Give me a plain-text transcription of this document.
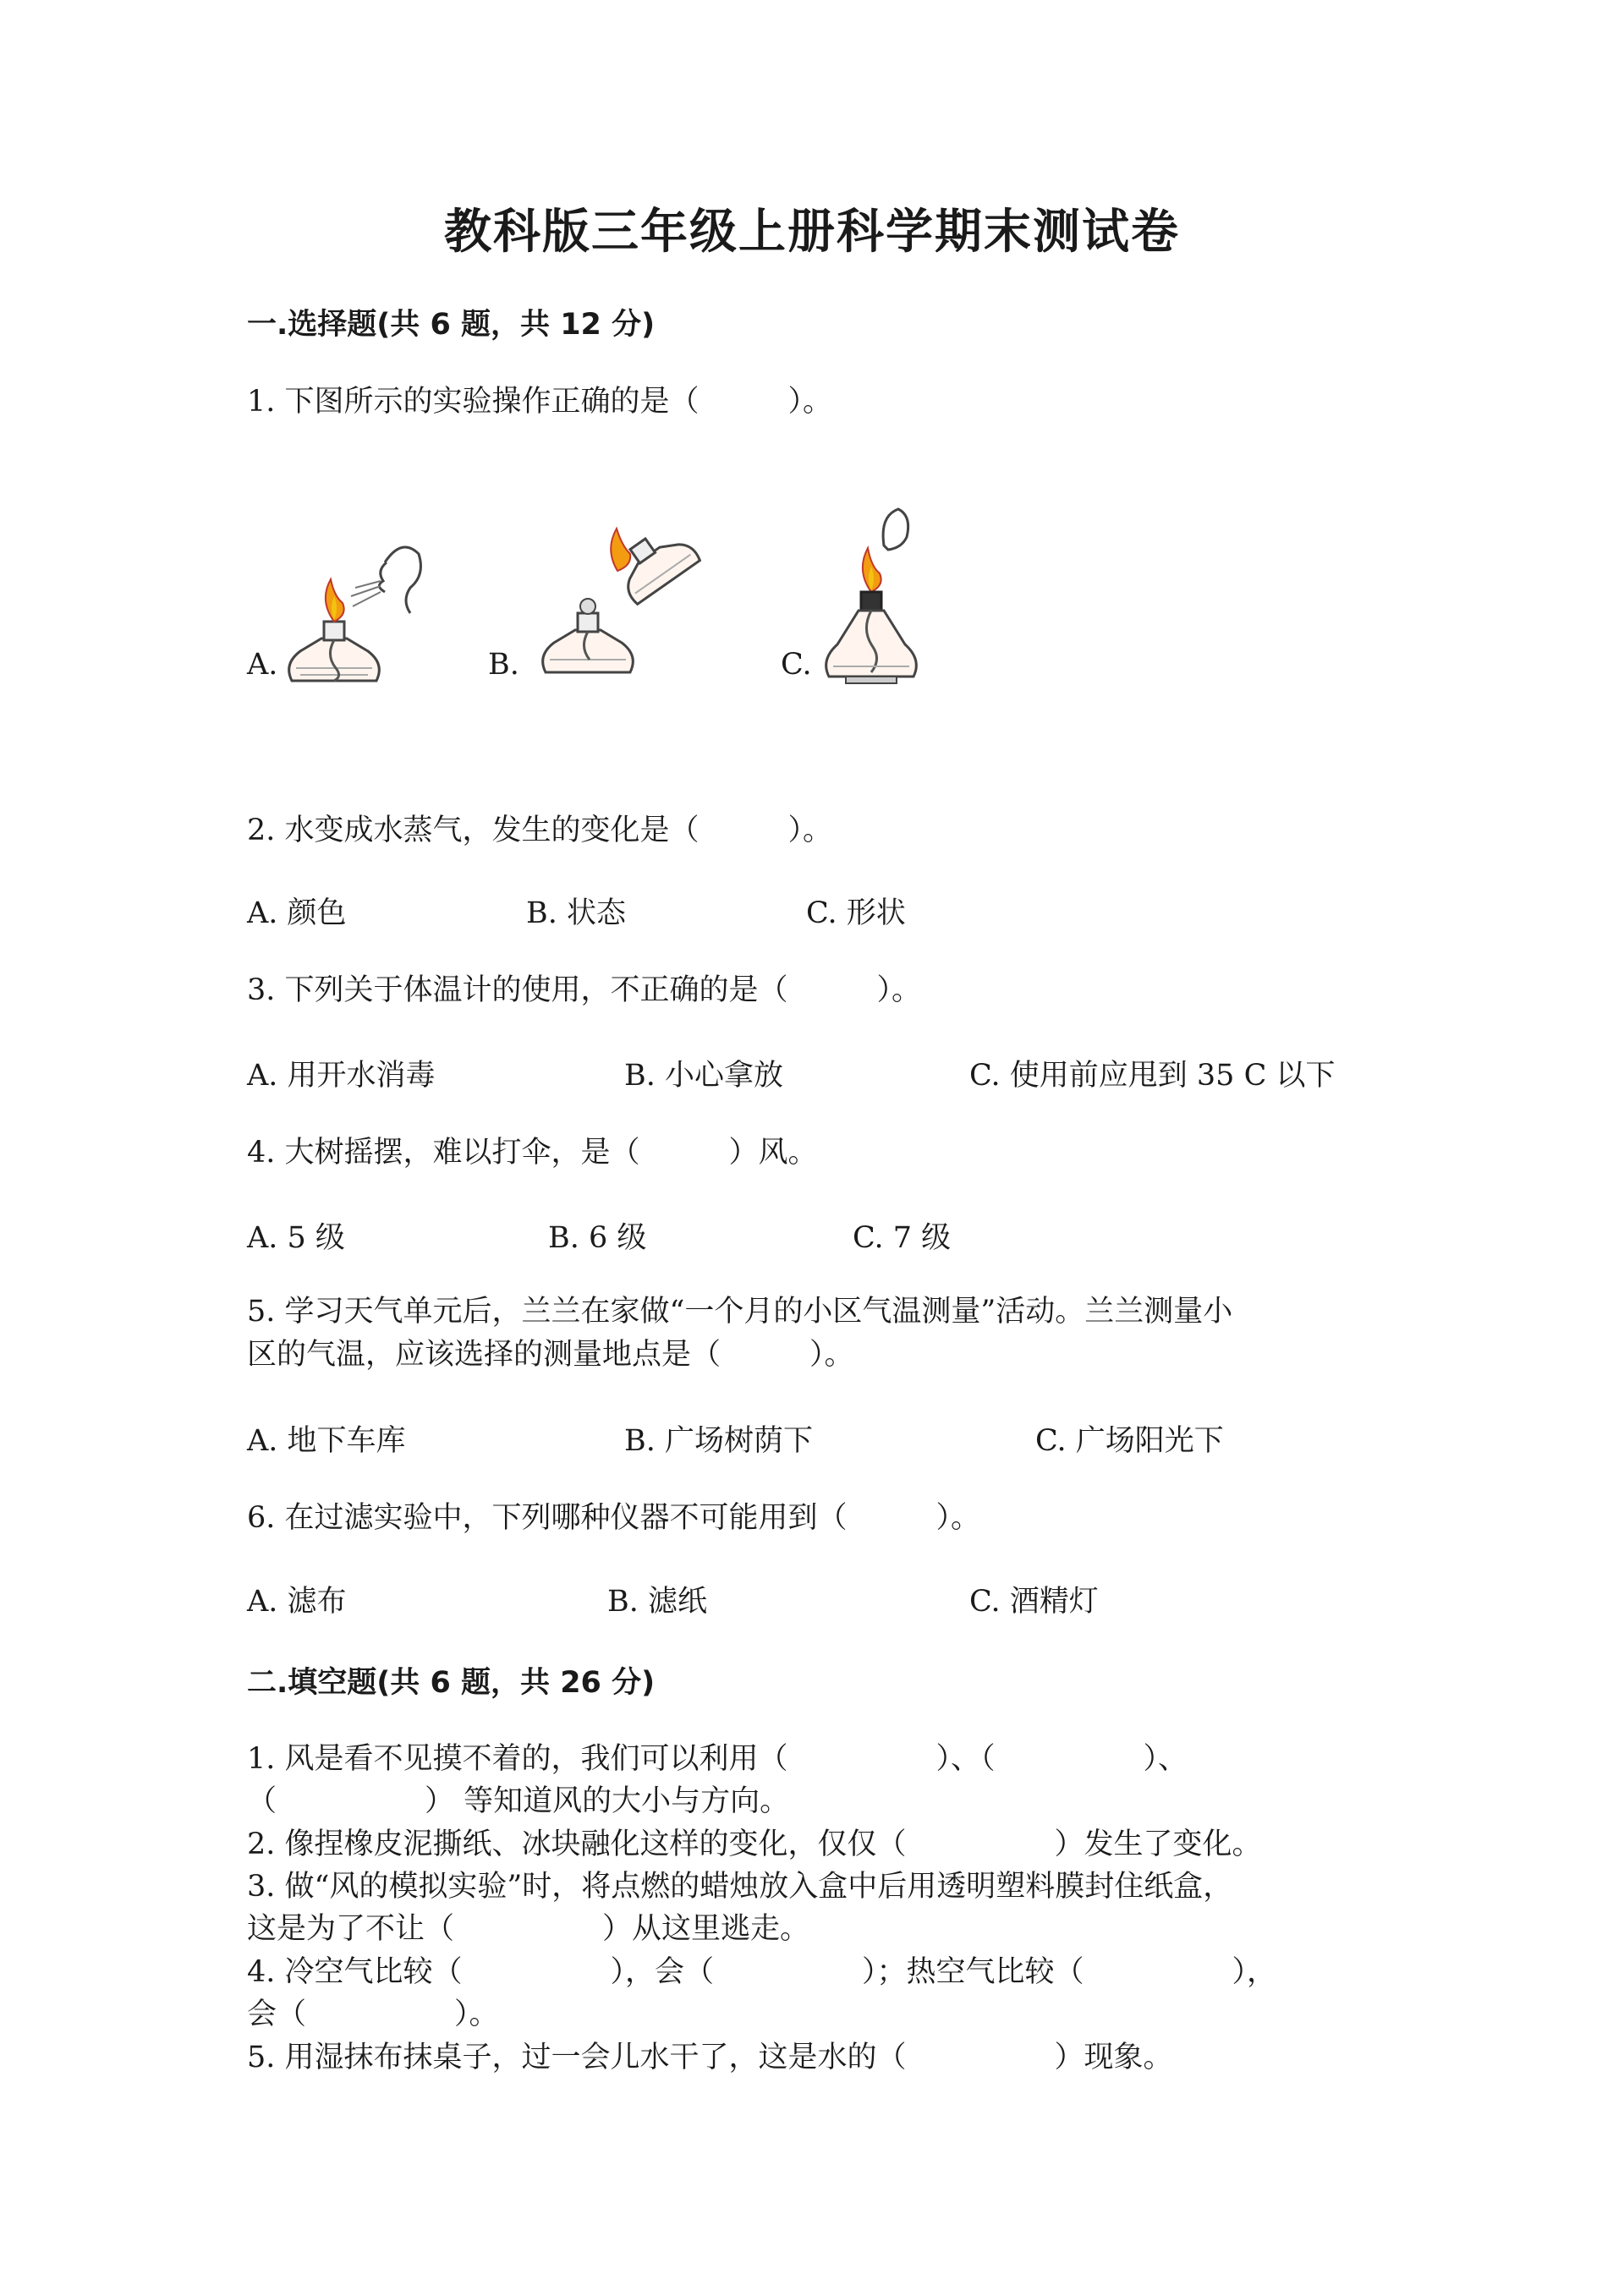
教科版三年级上册科学期末测试卷
一.选择题(共 6 题，共 12 分)
1. 下图所示的实验操作正确的是（　　　）。
A.	B.	C.
2. 水变成水蒸气，发生的变化是（　　　）。
A. 颜色	B. 状态	C. 形状
3. 下列关于体温计的使用，不正确的是（　　　）。
A. 用开水消毒	B. 小心拿放	C. 使用前应甩到 35 C 以下
4. 大树摇摆，难以打伞，是（　　　）风。
A. 5 级	B. 6 级	C. 7 级
5. 学习天气单元后，兰兰在家做“一个月的小区气温测量”活动。兰兰测量小
区的气温，应该选择的测量地点是（　　　）。
A. 地下车库	B. 广场树荫下	C. 广场阳光下
6. 在过滤实验中，下列哪种仪器不可能用到（　　　）。
A. 滤布	B. 滤纸	C. 酒精灯
二.填空题(共 6 题，共 26 分)
1. 风是看不见摸不着的，我们可以利用（　　　　　）、（　　　　　）、
（　　　　　） 等知道风的大小与方向。
2. 像捏橡皮泥撕纸、冰块融化这样的变化，仅仅（　　　　　）发生了变化。
3. 做“风的模拟实验”时，将点燃的蜡烛放入盒中后用透明塑料膜封住纸盒，
这是为了不让（　　　　　）从这里逃走。
4. 冷空气比较（　　　　　），会（　　　　　）；热空气比较（　　　　　），
会（　　　　　）。
5. 用湿抹布抹桌子，过一会儿水干了，这是水的（　　　　　）现象。
